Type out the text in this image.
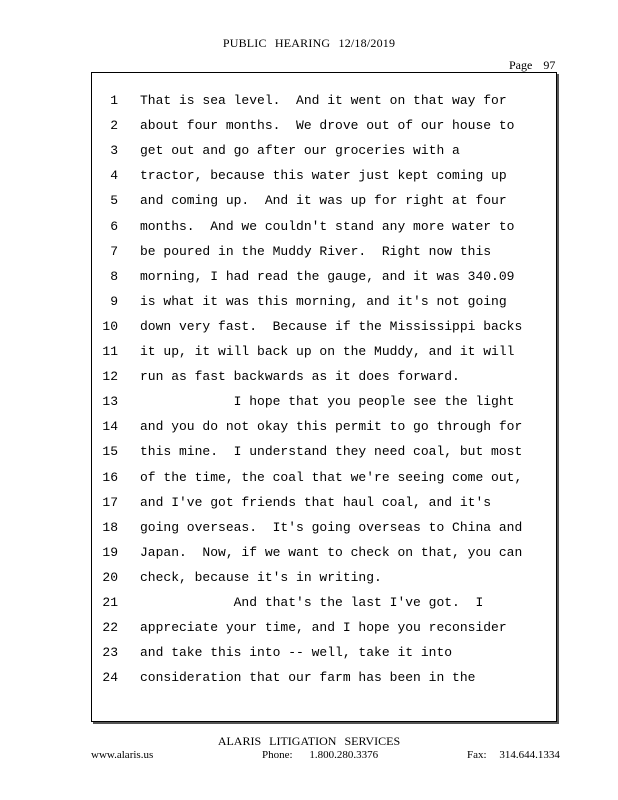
PUBLIC HEARING 12/18/2019
Page 97
1 That is sea level.  And it went on that way for
2 about four months.  We drove out of our house to
3 get out and go after our groceries with a
4 tractor, because this water just kept coming up
5 and coming up.  And it was up for right at four
6 months.  And we couldn't stand any more water to
7 be poured in the Muddy River.  Right now this
8 morning, I had read the gauge, and it was 340.09
9 is what it was this morning, and it's not going
10 down very fast.  Because if the Mississippi backs
11 it up, it will back up on the Muddy, and it will
12 run as fast backwards as it does forward.
13 I hope that you people see the light
14 and you do not okay this permit to go through for
15 this mine.  I understand they need coal, but most
16 of the time, the coal that we're seeing come out,
17 and I've got friends that haul coal, and it's
18 going overseas.  It's going overseas to China and
19 Japan.  Now, if we want to check on that, you can
20 check, because it's in writing.
21 And that's the last I've got.  I
22 appreciate your time, and I hope you reconsider
23 and take this into -- well, take it into
24 consideration that our farm has been in the
ALARIS LITIGATION SERVICES
www.alaris.us	Phone: 1.800.280.3376	Fax: 314.644.1334
